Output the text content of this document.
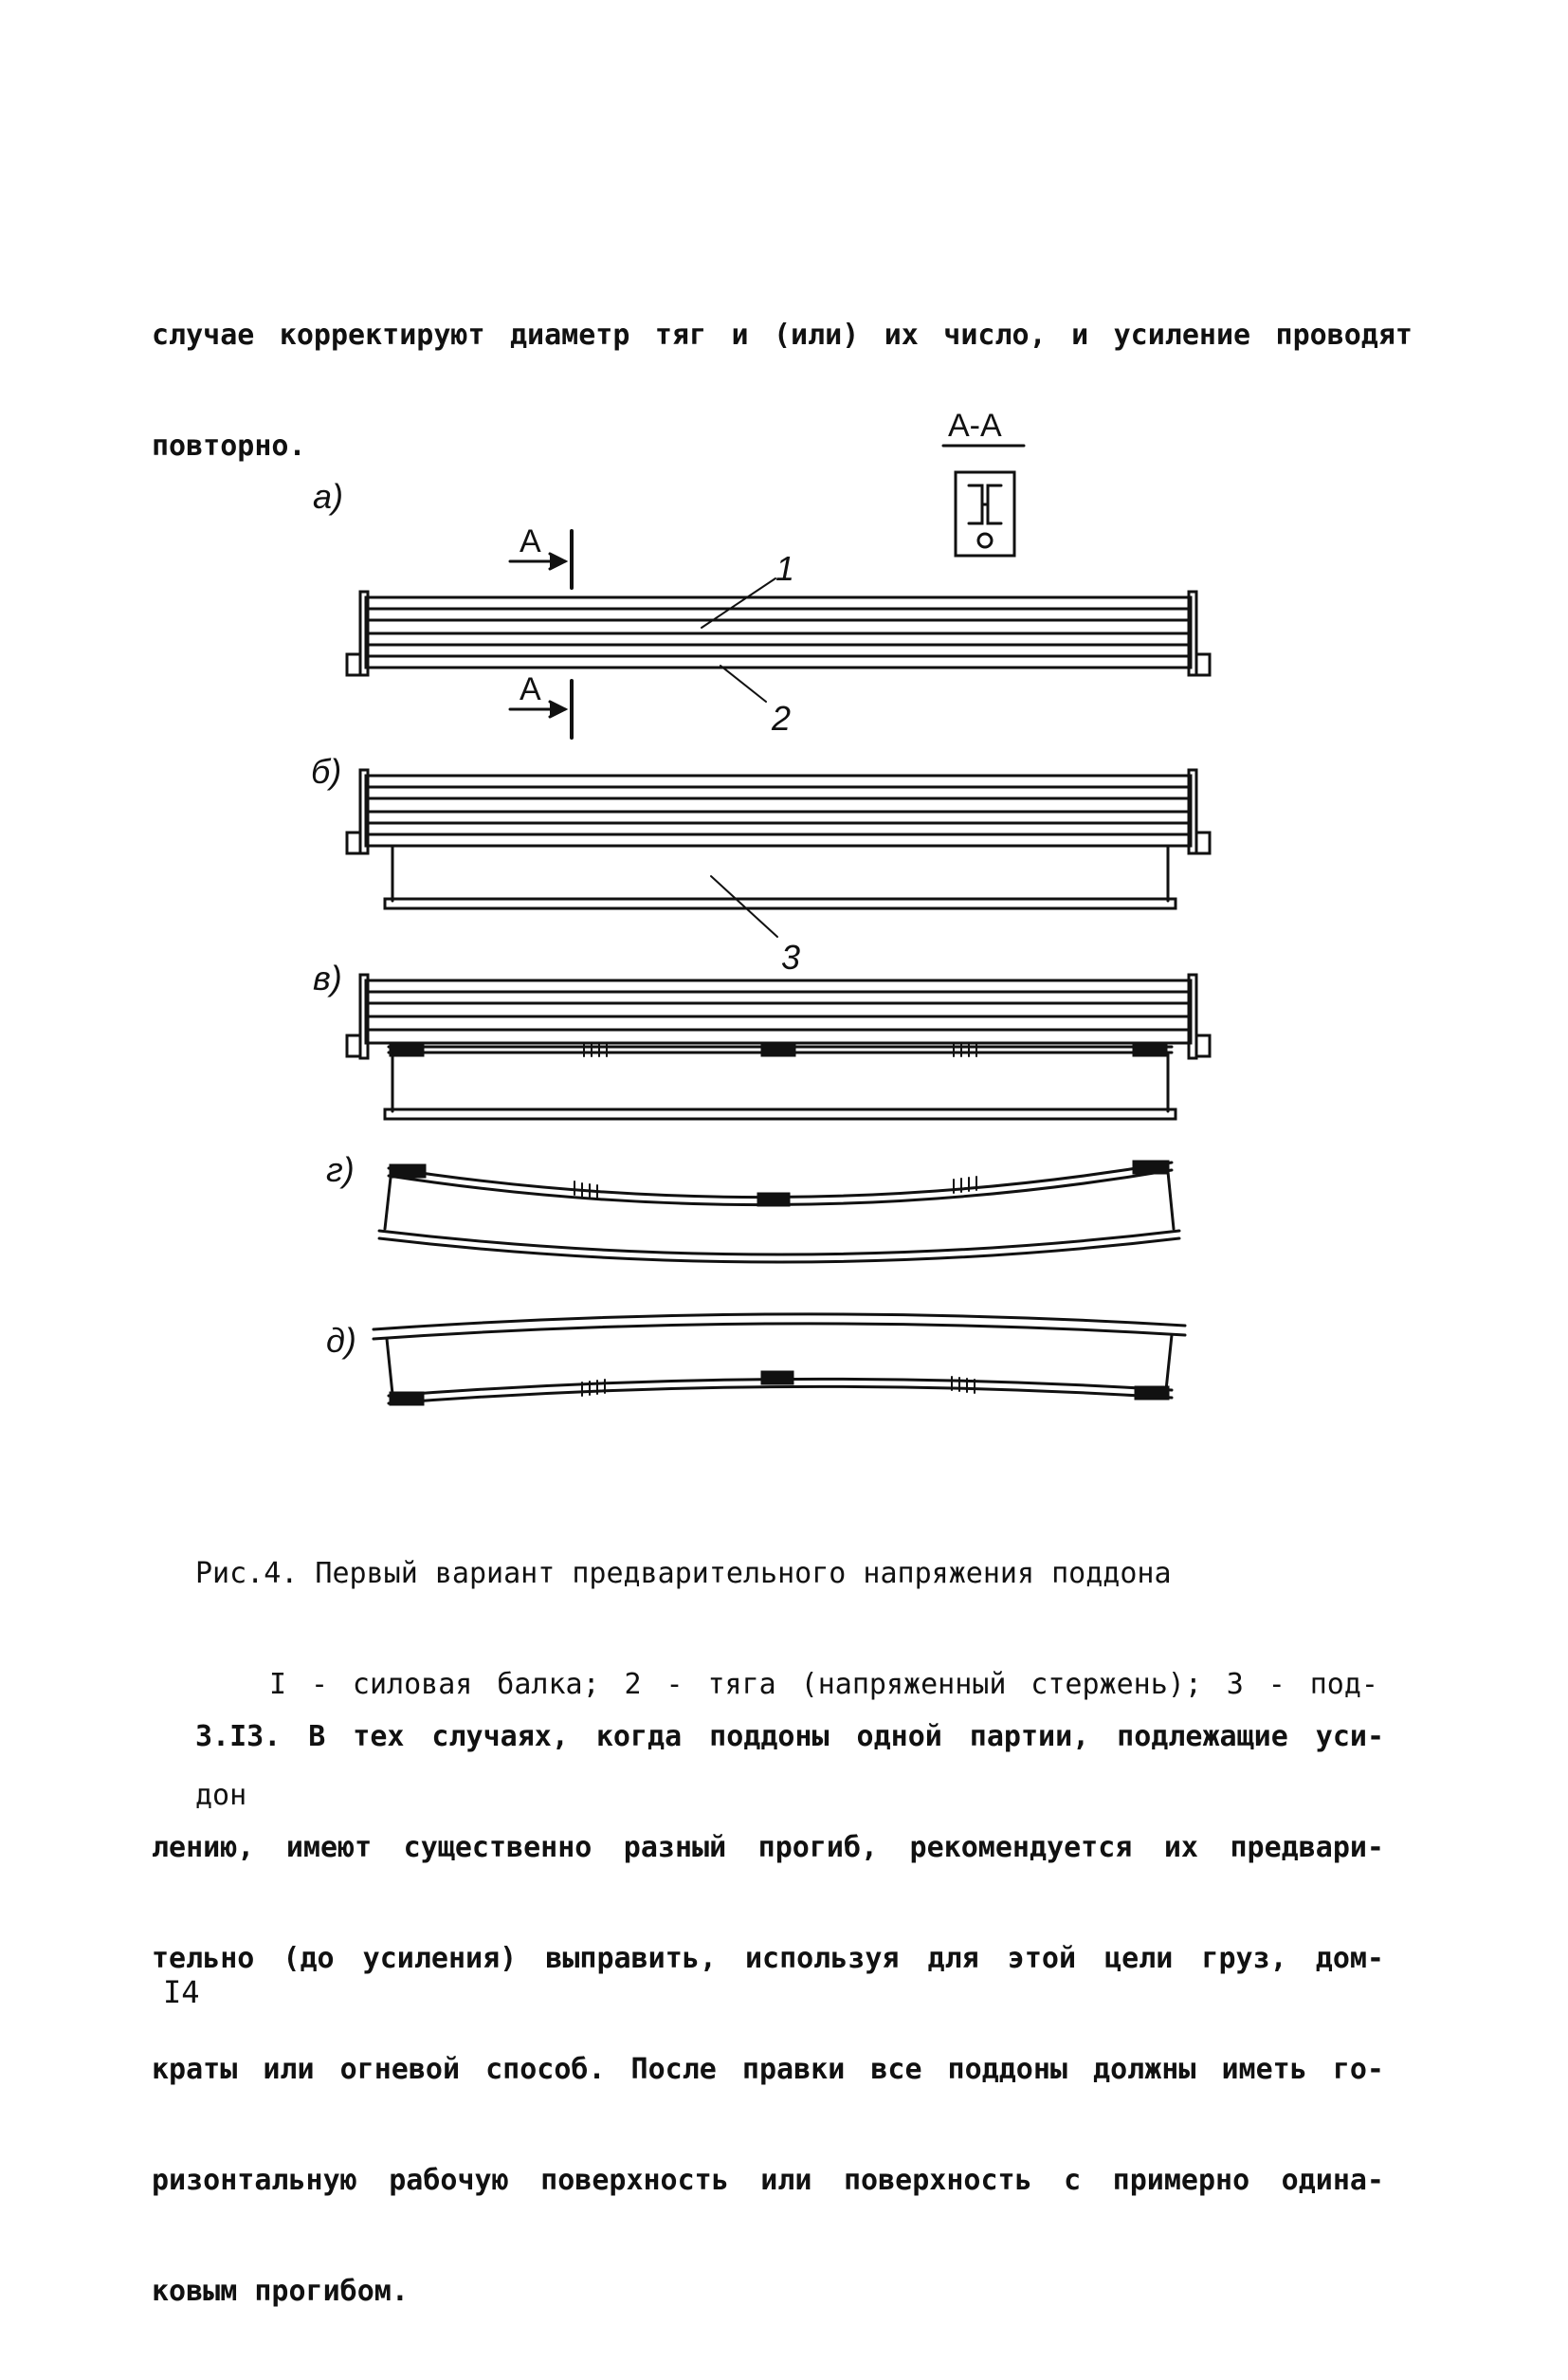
случае корректируют диаметр тяг и (или) их число, и усиление проводят

повторно.

А-А
а)
А
А
1
2
б)
3
в)
г)
д)

Рис.4. Первый вариант предварительного напряжения поддона

I - силовая балка; 2 - тяга (напряженный стержень); 3 - под-

дон

3.I3. В тех случаях, когда поддоны одной партии, подлежащие уси-

лению, имеют существенно разный прогиб, рекомендуется их предвари-

тельно (до усиления) выправить, используя для этой цели груз, дом-

краты или огневой способ. После правки все поддоны должны иметь го-

ризонтальную рабочую поверхность или поверхность с примерно одина-

ковым прогибом.

I4
